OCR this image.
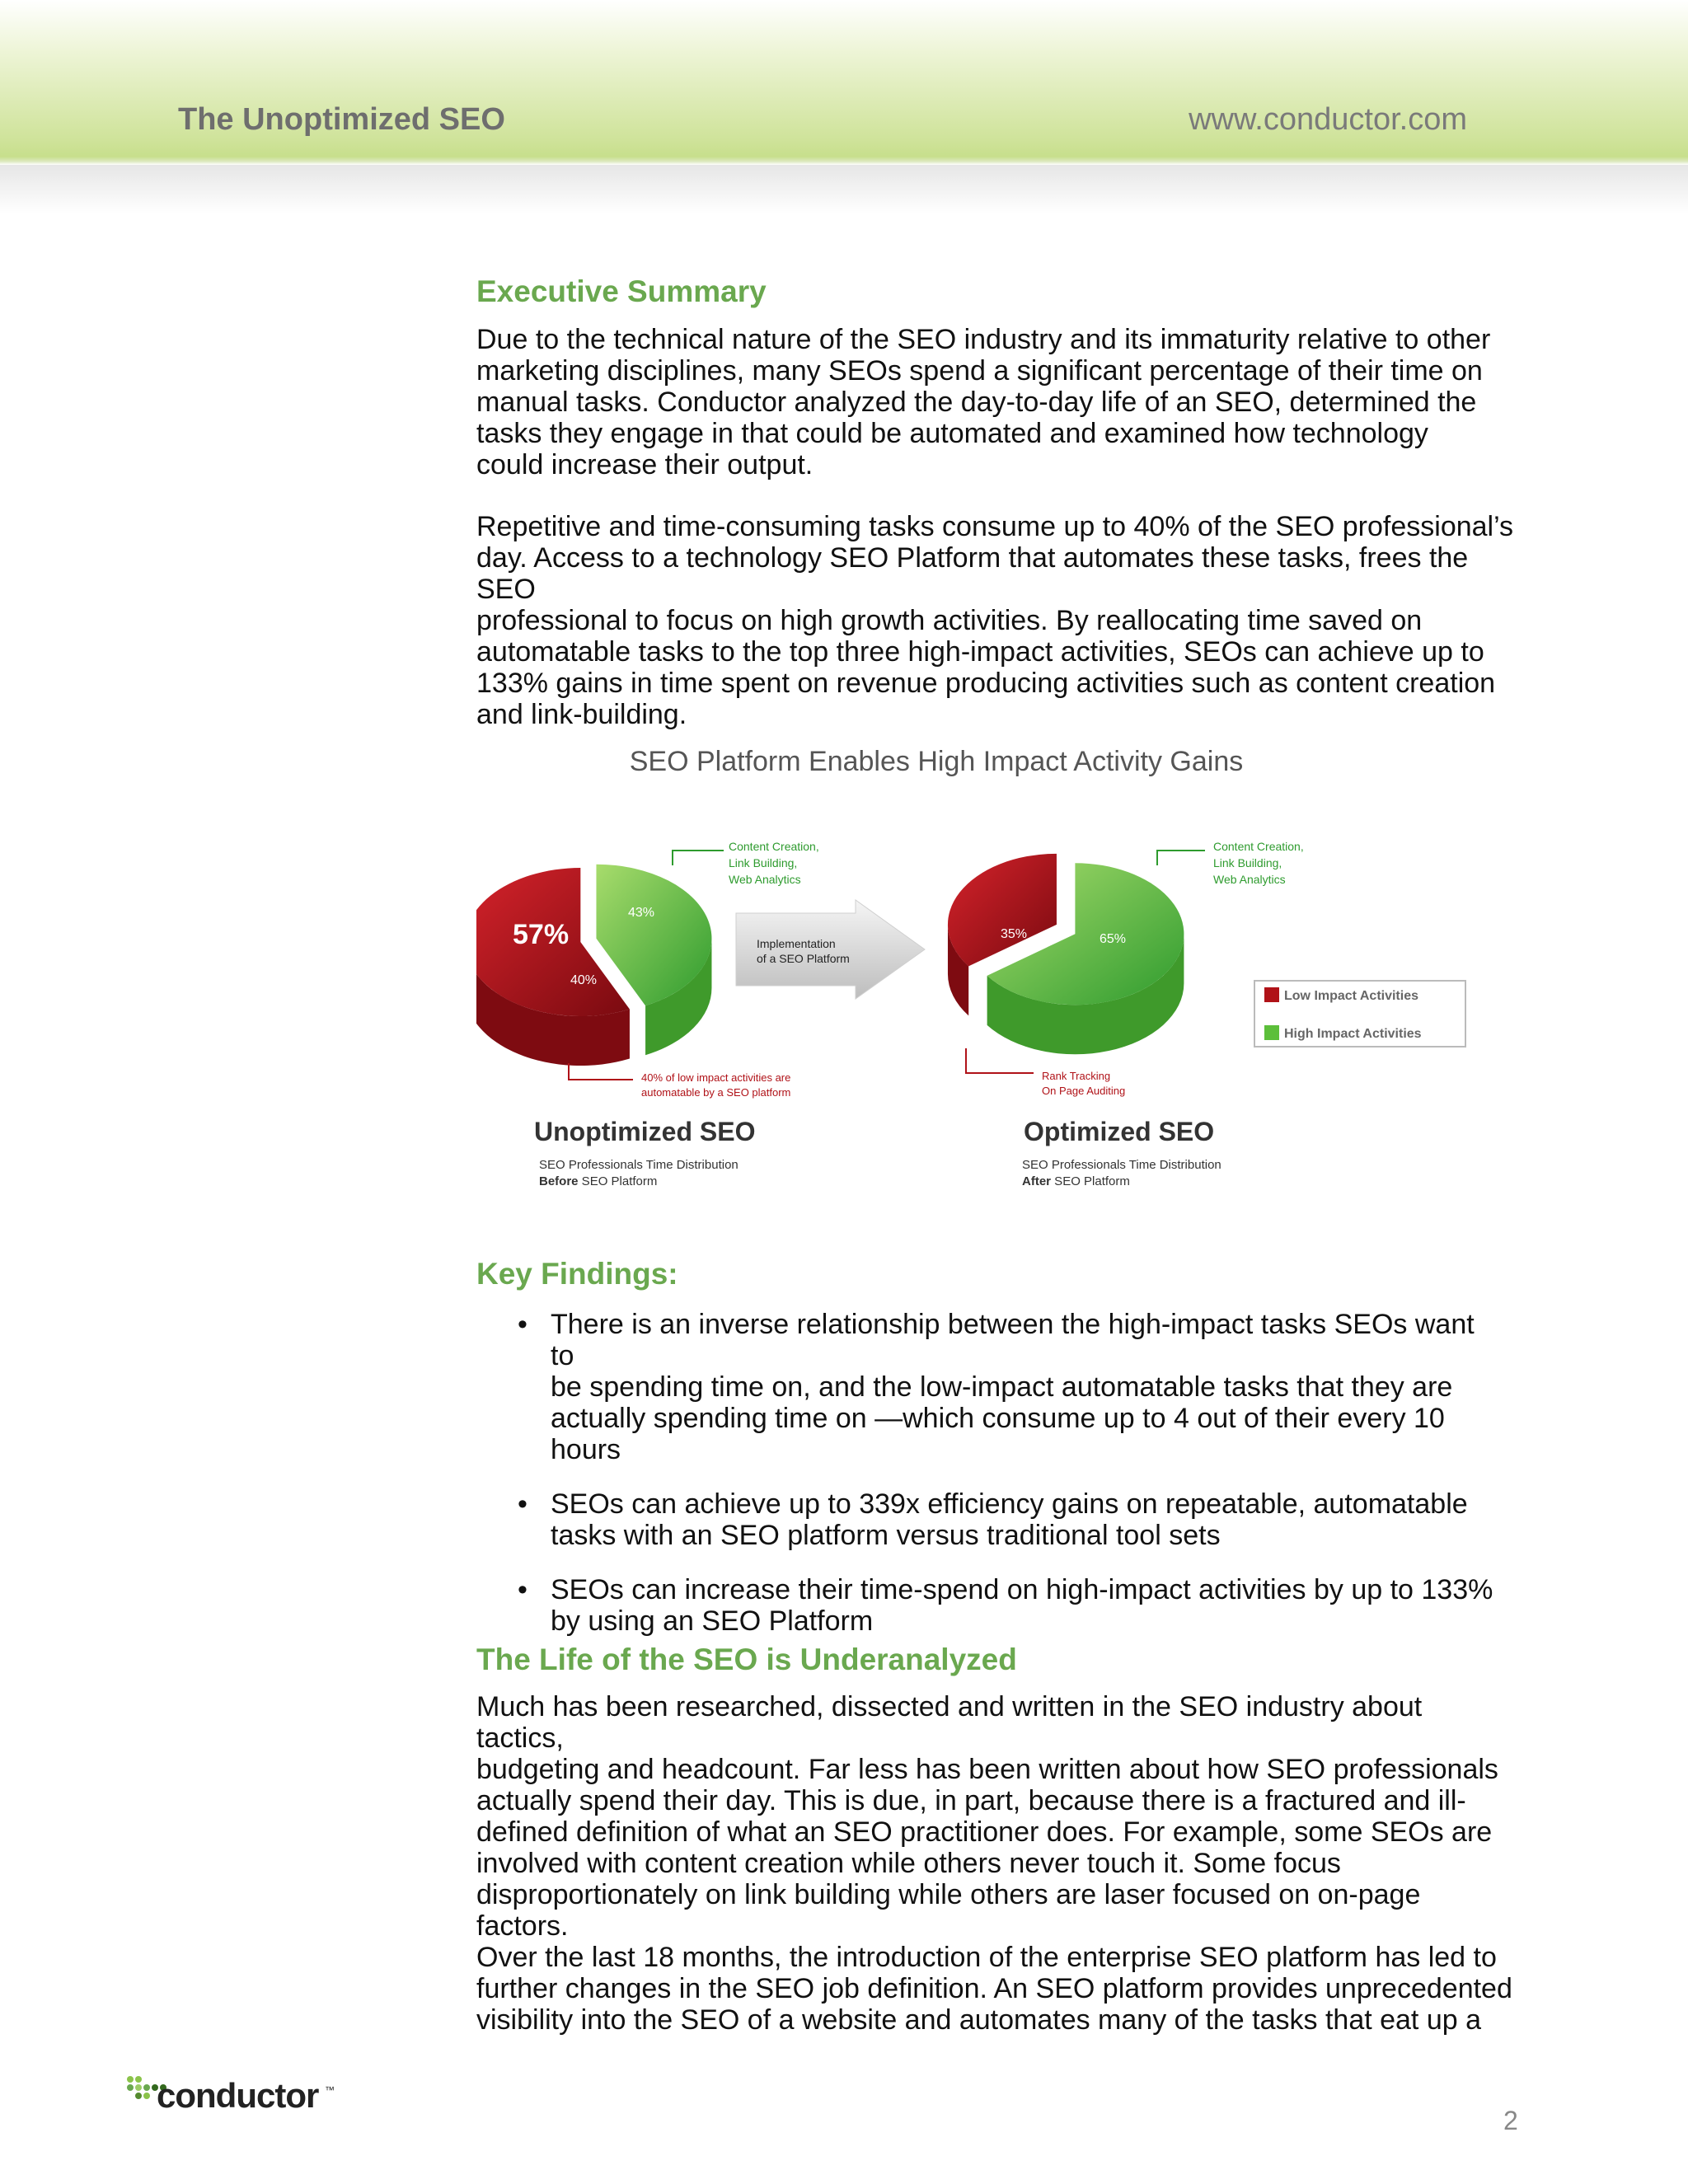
The Unoptimized SEO	www.conductor.com
Executive Summary

Due to the technical nature of the SEO industry and its immaturity relative to other
marketing disciplines, many SEOs spend a significant percentage of their time on
manual tasks. Conductor analyzed the day-to-day life of an SEO, determined the
tasks they engage in that could be automated and examined how technology
could increase their output.

Repetitive and time-consuming tasks consume up to 40% of the SEO professional’s
day. Access to a technology SEO Platform that automates these tasks, frees the SEO
professional to focus on high growth activities. By reallocating time saved on
automatable tasks to the top three high-impact activities, SEOs can achieve up to
133% gains in time spent on revenue producing activities such as content creation
and link-building.

SEO Platform Enables High Impact Activity Gains
57%
43%
40%
Content Creation,
Link Building,
Web Analytics
40% of low impact activities are
automatable by a SEO platform
Unoptimized SEO
SEO Professionals Time Distribution
Before SEO Platform
Implementation
of a SEO Platform
35%	65%
Content Creation,
Link Building,
Web Analytics
Rank Tracking
On Page Auditing
Optimized SEO
SEO Professionals Time Distribution
After SEO Platform
Low Impact Activities
High Impact Activities
Key Findings:
• There is an inverse relationship between the high-impact tasks SEOs want to
be spending time on, and the low-impact automatable tasks that they are
actually spending time on —which consume up to 4 out of their every 10
hours
• SEOs can achieve up to 339x efficiency gains on repeatable, automatable
tasks with an SEO platform versus traditional tool sets
• SEOs can increase their time-spend on high-impact activities by up to 133%
by using an SEO Platform
The Life of the SEO is Underanalyzed

Much has been researched, dissected and written in the SEO industry about tactics,
budgeting and headcount. Far less has been written about how SEO professionals
actually spend their day. This is due, in part, because there is a fractured and ill-
defined definition of what an SEO practitioner does. For example, some SEOs are
involved with content creation while others never touch it. Some focus
disproportionately on link building while others are laser focused on on-page
factors.

Over the last 18 months, the introduction of the enterprise SEO platform has led to
further changes in the SEO job definition. An SEO platform provides unprecedented
visibility into the SEO of a website and automates many of the tasks that eat up a

conductor ™
2
